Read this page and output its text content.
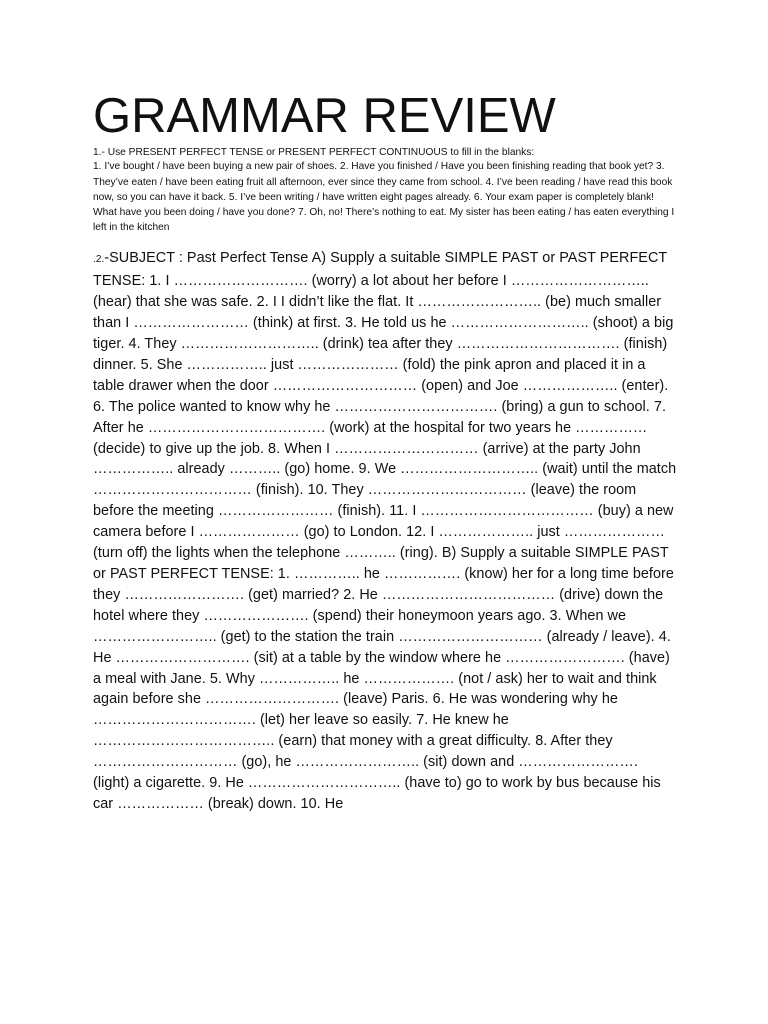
GRAMMAR REVIEW

1.- Use PRESENT PERFECT TENSE or PRESENT PERFECT CONTINUOUS to fill in the blanks:

1. I’ve bought / have been buying a new pair of shoes. 2. Have you finished / Have you been finishing reading that book yet? 3. They’ve eaten / have been eating fruit all afternoon, ever since they came from school. 4. I’ve been reading / have read this book now, so you can have it back. 5. I’ve been writing / have written eight pages already. 6. Your exam paper is completely blank! What have you been doing / have you done? 7. Oh, no! There’s nothing to eat. My sister has been eating / has eaten everything I left in the kitchen

.2.-SUBJECT : Past Perfect Tense A) Supply a suitable SIMPLE PAST or PAST PERFECT TENSE: 1. I ………………………. (worry) a lot about her before I ……………………….. (hear) that she was safe. 2. I I didn’t like the flat. It …………………….. (be) much smaller than I …………………… (think) at first. 3. He told us he ……………………….. (shoot) a big tiger. 4. They ……………………….. (drink) tea after they ……………………………. (finish) dinner. 5. She …………….. just ………………… (fold) the pink apron and placed it in a table drawer when the door ………………………… (open) and Joe ……………….. (enter). 6. The police wanted to know why he ……………………………. (bring) a gun to school. 7. After he ………………………………. (work) at the hospital for two years he …………… (decide) to give up the job. 8. When I ………………………… (arrive) at the party John …………….. already ……….. (go) home. 9. We ……………………….. (wait) until the match …………………………… (finish). 10. They …………………………… (leave) the room before the meeting …………………… (finish). 11. I ……………………………… (buy) a new camera before I ………………… (go) to London. 12. I ……………….. just ………………… (turn off) the lights when the telephone ……….. (ring). B) Supply a suitable SIMPLE PAST or PAST PERFECT TENSE: 1. ………….. he ……………. (know) her for a long time before they ……………………. (get) married? 2. He ……………………………… (drive) down the hotel where they …………………. (spend) their honeymoon years ago. 3. When we …………………….. (get) to the station the train ………………………… (already / leave). 4. He ………………………. (sit) at a table by the window where he ……………………. (have) a meal with Jane. 5. Why …………….. he ………………. (not / ask) her to wait and think again before she ………………………. (leave) Paris. 6. He was wondering why he ……………………………. (let) her leave so easily. 7. He knew he ……………………………….. (earn) that money with a great difficulty. 8. After they ………………………… (go), he …………………….. (sit) down and ……………………. (light) a cigarette. 9. He ………………………….. (have to) go to work by bus because his car ……………… (break) down. 10. He
